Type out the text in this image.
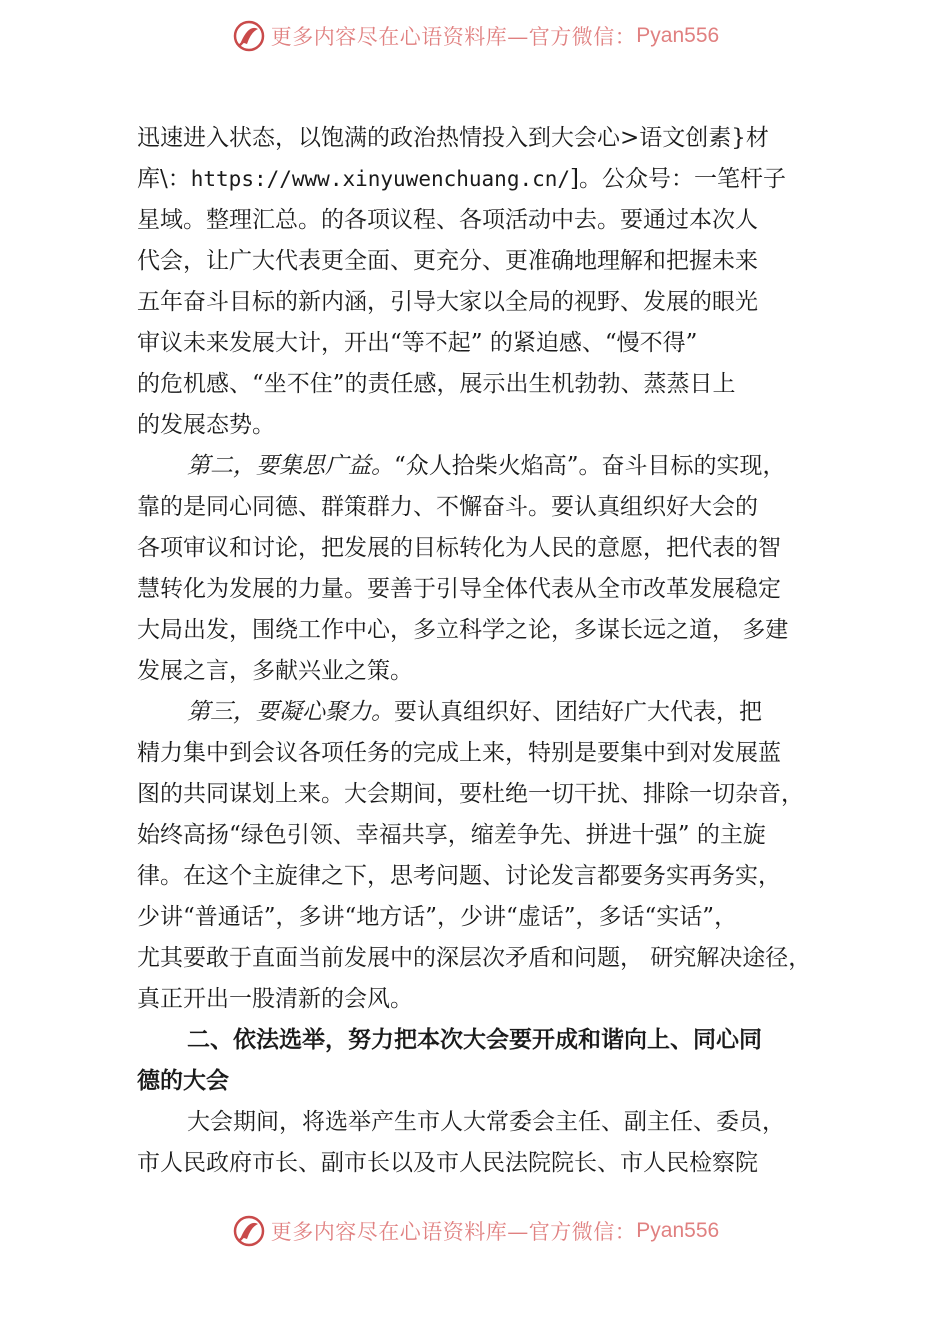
更多内容尽在心语资料库—官方微信： Pyan556
迅速进入状态，以饱满的政治热情投入到大会心>语文创素}材
库\：https://www.xinyuwenchuang.cn/]。公众号：一笔杆子
星域。整理汇总。的各项议程、各项活动中去。要通过本次人
代会，让广大代表更全面、更充分、更准确地理解和把握未来
五年奋斗目标的新内涵，引导大家以全局的视野、发展的眼光
审议未来发展大计，开出“等不起” 的紧迫感、“慢不得”
的危机感、“坐不住”的责任感，展示出生机勃勃、蒸蒸日上
的发展态势。
第二，要集思广益。“众人拾柴火焰高”。奋斗目标的实现，
靠的是同心同德、群策群力、不懈奋斗。要认真组织好大会的
各项审议和讨论，把发展的目标转化为人民的意愿，把代表的智
慧转化为发展的力量。要善于引导全体代表从全市改革发展稳定
大局出发，围绕工作中心，多立科学之论，多谋长远之道， 多建
发展之言，多献兴业之策。
第三，要凝心聚力。要认真组织好、团结好广大代表，把
精力集中到会议各项任务的完成上来，特别是要集中到对发展蓝
图的共同谋划上来。大会期间，要杜绝一切干扰、排除一切杂音，
始终高扬“绿色引领、幸福共享，缩差争先、拼进十强” 的主旋
律。在这个主旋律之下，思考问题、讨论发言都要务实再务实，
少讲“普通话”，多讲“地方话”，少讲“虚话”，多话“实话”，
尤其要敢于直面当前发展中的深层次矛盾和问题， 研究解决途径，
真正开出一股清新的会风。
二、依法选举，努力把本次大会要开成和谐向上、同心同
德的大会
大会期间，将选举产生市人大常委会主任、副主任、委员，
市人民政府市长、副市长以及市人民法院院长、市人民检察院
更多内容尽在心语资料库—官方微信： Pyan556
